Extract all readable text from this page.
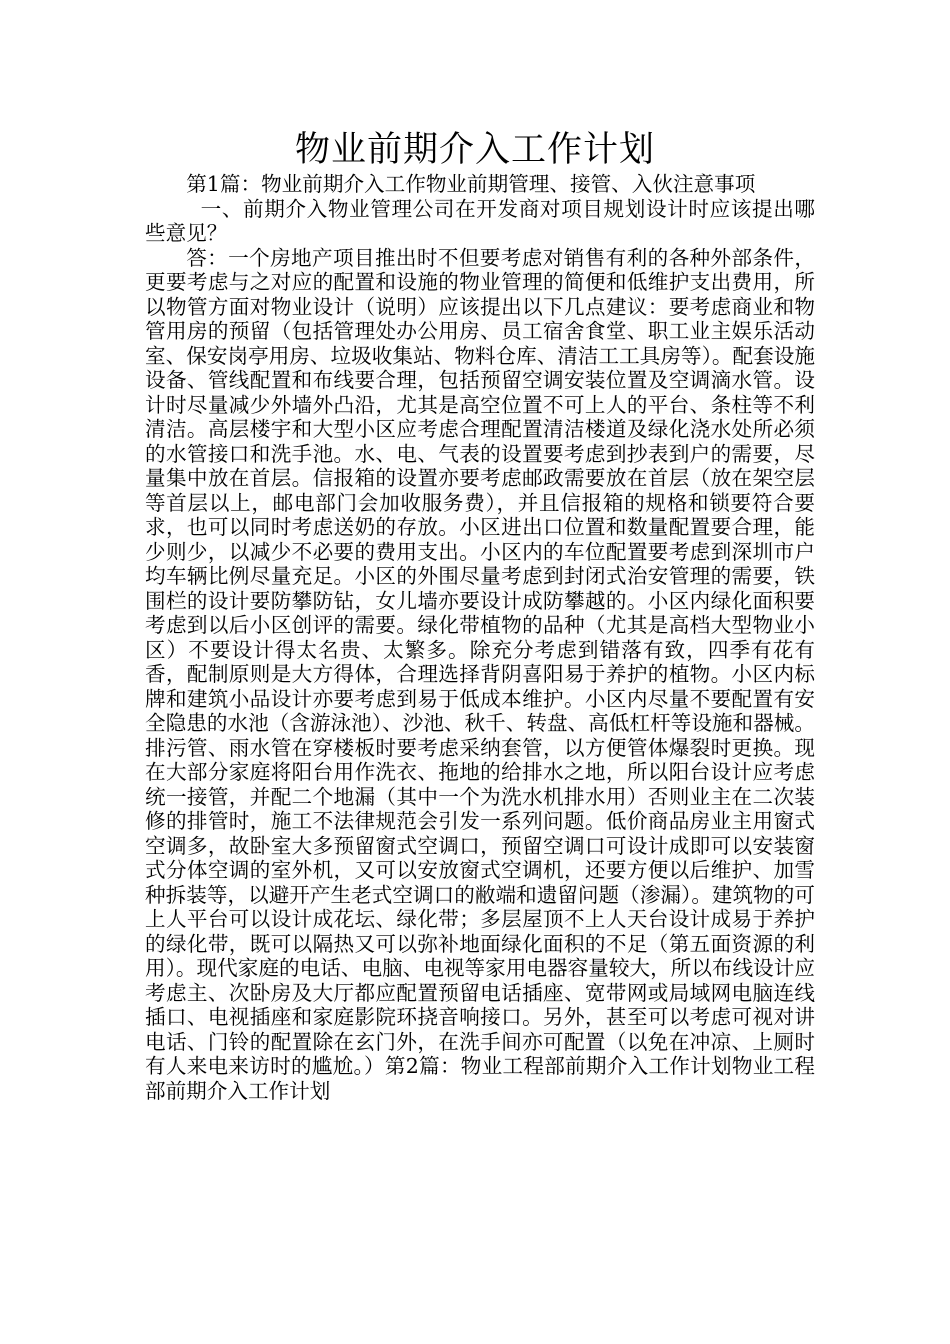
物业前期介入工作计划

第1篇：物业前期介入工作物业前期管理、接管、入伙注意事项

一、前期介入物业管理公司在开发商对项目规划设计时应该提出哪些意见？

答：一个房地产项目推出时不但要考虑对销售有利的各种外部条件，更要考虑与之对应的配置和设施的物业管理的简便和低维护支出费用，所以物管方面对物业设计（说明）应该提出以下几点建议：要考虑商业和物管用房的预留（包括管理处办公用房、员工宿舍食堂、职工业主娱乐活动室、保安岗亭用房、垃圾收集站、物料仓库、清洁工工具房等）。配套设施设备、管线配置和布线要合理，包括预留空调安装位置及空调滴水管。设计时尽量减少外墙外凸沿，尤其是高空位置不可上人的平台、条柱等不利清洁。高层楼宇和大型小区应考虑合理配置清洁楼道及绿化浇水处所必须的水管接口和洗手池。水、电、气表的设置要考虑到抄表到户的需要，尽量集中放在首层。信报箱的设置亦要考虑邮政需要放在首层（放在架空层等首层以上，邮电部门会加收服务费），并且信报箱的规格和锁要符合要求，也可以同时考虑送奶的存放。小区进出口位置和数量配置要合理，能少则少，以减少不必要的费用支出。小区内的车位配置要考虑到深圳市户均车辆比例尽量充足。小区的外围尽量考虑到封闭式治安管理的需要，铁围栏的设计要防攀防钻，女儿墙亦要设计成防攀越的。小区内绿化面积要考虑到以后小区创评的需要。绿化带植物的品种（尤其是高档大型物业小区）不要设计得太名贵、太繁多。除充分考虑到错落有致，四季有花有香，配制原则是大方得体，合理选择背阴喜阳易于养护的植物。小区内标牌和建筑小品设计亦要考虑到易于低成本维护。小区内尽量不要配置有安全隐患的水池（含游泳池）、沙池、秋千、转盘、高低杠杆等设施和器械。排污管、雨水管在穿楼板时要考虑采纳套管，以方便管体爆裂时更换。现在大部分家庭将阳台用作洗衣、拖地的给排水之地，所以阳台设计应考虑统一接管，并配二个地漏（其中一个为洗水机排水用）否则业主在二次装修的排管时，施工不法律规范会引发一系列问题。低价商品房业主用窗式空调多，故卧室大多预留窗式空调口，预留空调口可设计成即可以安装窗式分体空调的室外机，又可以安放窗式空调机，还要方便以后维护、加雪种拆装等，以避开产生老式空调口的敝端和遗留问题（渗漏）。建筑物的可上人平台可以设计成花坛、绿化带；多层屋顶不上人天台设计成易于养护的绿化带，既可以隔热又可以弥补地面绿化面积的不足（第五面资源的利用）。现代家庭的电话、电脑、电视等家用电器容量较大，所以布线设计应考虑主、次卧房及大厅都应配置预留电话插座、宽带网或局域网电脑连线插口、电视插座和家庭影院环挠音响接口。另外，甚至可以考虑可视对讲电话、门铃的配置除在玄门外，在洗手间亦可配置（以免在冲凉、上厕时有人来电来访时的尴尬。）第2篇：物业工程部前期介入工作计划物业工程部前期介入工作计划
